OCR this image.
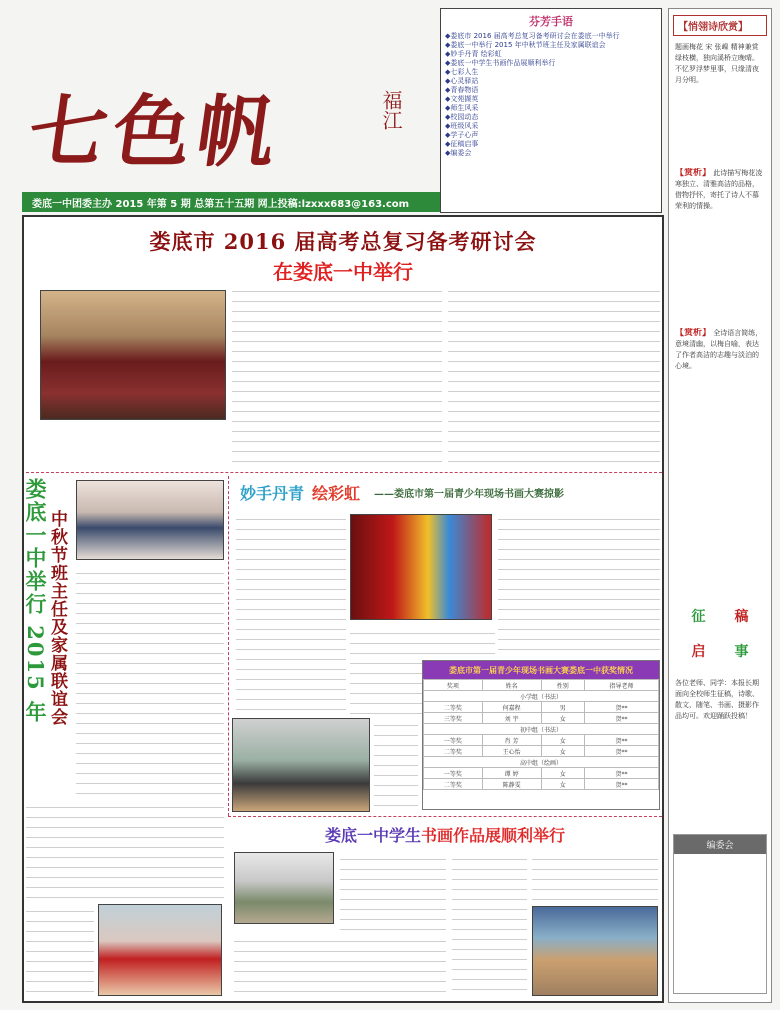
七色帆	福江
娄底一中团委主办 2015 年第 5 期 总第五十五期 网上投稿:lzxxx683@163.com
芬芳手语
◆娄底市 2016 届高考总复习备考研讨会在娄底一中举行
◆娄底一中举行 2015 年中秋节班主任及家属联谊会
◆妙手丹青 绘彩虹
◆娄底一中学生书画作品展顺利举行
◆七彩人生
◆心灵驿站
◆青春物语
◆文苑撷英
◆师生风采
◆校园动态
◆班级风采
◆学子心声
◆征稿启事
◆编委会
【悄翎诗欣赏】
题画梅花 宋 张嵲 精神兼赏绿枝横，独向溪桥立晚晴。不忆罗浮梦里事，只缘清夜月分明。
【赏析】 此诗描写梅花凌寒独立、清雅高洁的品格，借物抒怀，寄托了诗人不慕荣利的情操。
【赏析】 全诗语言简练，意境清幽，以梅自喻，表达了作者高洁的志趣与淡泊的心境。
征 稿
启 事
各位老师、同学：本报长期面向全校师生征稿，诗歌、散文、随笔、书画、摄影作品均可。欢迎踊跃投稿！
编委会
娄底市 2016 届高考总复习备考研讨会
在娄底一中举行
娄底一中举行 2015 年 中秋节班主任及家属联谊会
妙手丹青 绘彩虹 ——娄底市第一届青少年现场书画大赛掠影
娄底市第一届青少年现场书画大赛娄底一中获奖情况
奖项	姓名	性别	指导老师
小学组（书法）			
二等奖	何嘉程	男	贺**
三等奖	刘 宇	女	贺**
初中组（书法）			
一等奖	肖 芳	女	贺**
二等奖	王心怡	女	贺**
高中组（绘画）			
一等奖	谭 婷	女	贺**
二等奖	陈静雯	女	贺**
娄底一中学生书画作品展顺利举行
